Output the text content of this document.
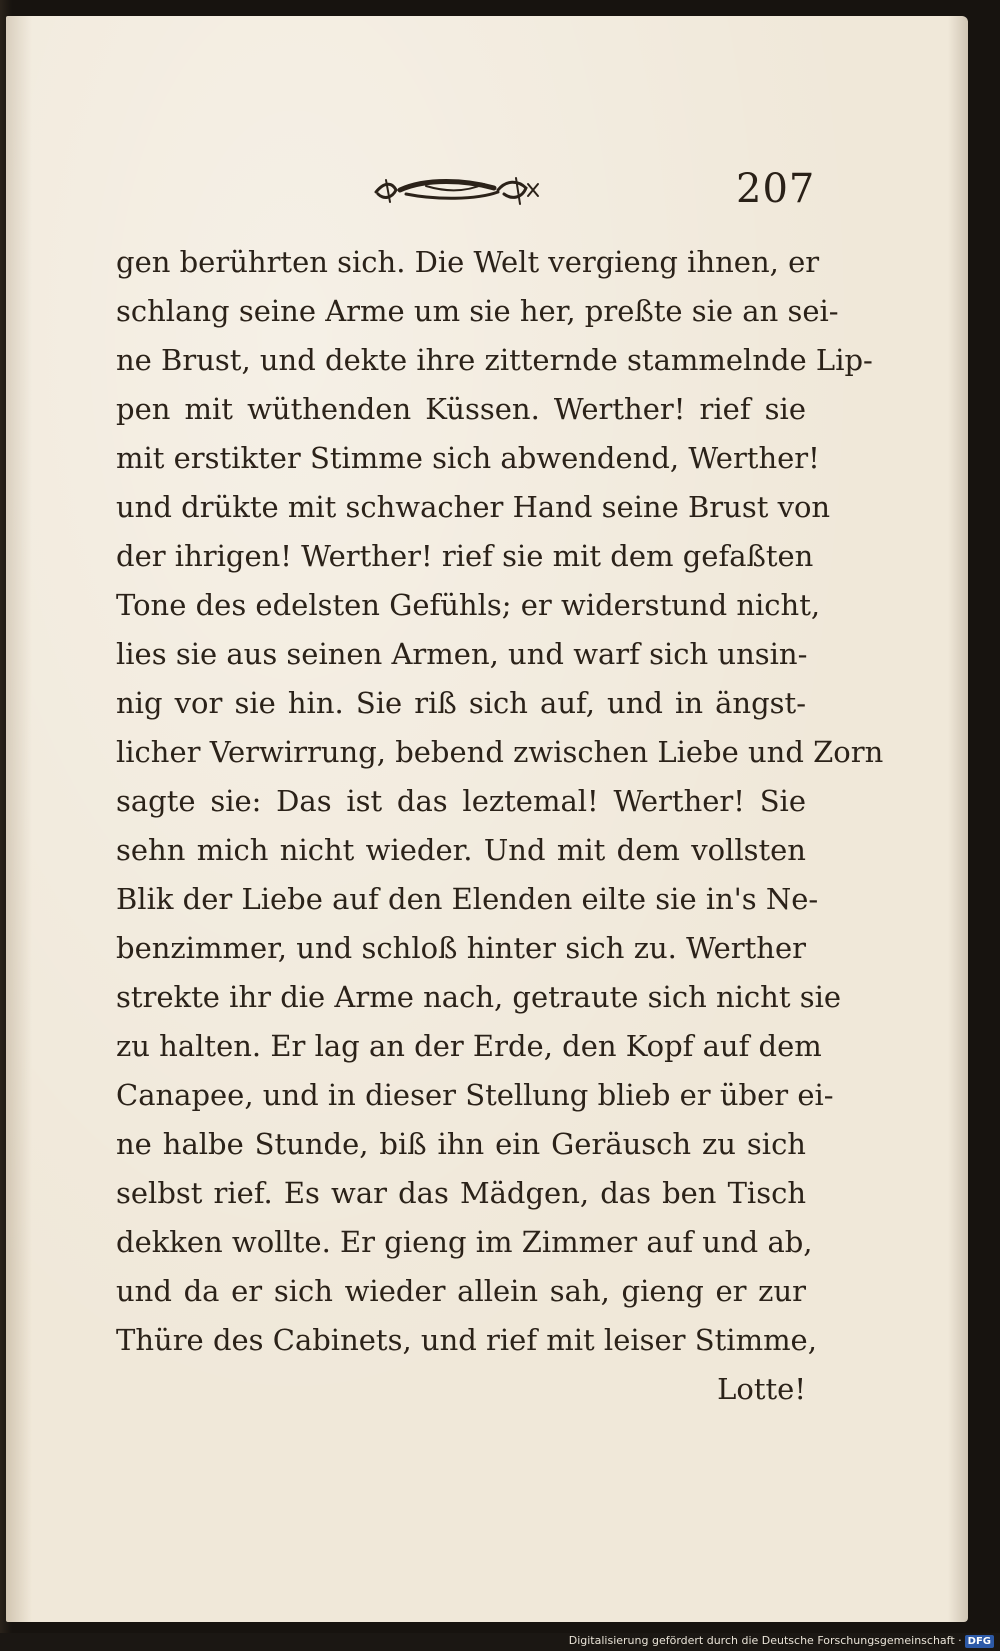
207
gen berührten sich. Die Welt vergieng ihnen, er
schlang seine Arme um sie her, preßte sie an sei-
ne Brust, und dekte ihre zitternde stammelnde Lip-
pen mit wüthenden Küssen. Werther! rief sie
mit erstikter Stimme sich abwendend, Werther!
und drükte mit schwacher Hand seine Brust von
der ihrigen! Werther! rief sie mit dem gefaßten
Tone des edelsten Gefühls; er widerstund nicht,
lies sie aus seinen Armen, und warf sich unsin-
nig vor sie hin. Sie riß sich auf, und in ängst-
licher Verwirrung, bebend zwischen Liebe und Zorn
sagte sie: Das ist das leztemal! Werther! Sie
sehn mich nicht wieder. Und mit dem vollsten
Blik der Liebe auf den Elenden eilte sie in's Ne-
benzimmer, und schloß hinter sich zu. Werther
strekte ihr die Arme nach, getraute sich nicht sie
zu halten. Er lag an der Erde, den Kopf auf dem
Canapee, und in dieser Stellung blieb er über ei-
ne halbe Stunde, biß ihn ein Geräusch zu sich
selbst rief. Es war das Mädgen, das ben Tisch
dekken wollte. Er gieng im Zimmer auf und ab,
und da er sich wieder allein sah, gieng er zur
Thüre des Cabinets, und rief mit leiser Stimme,
Lotte!
Digitalisierung gefördert durch die Deutsche Forschungsgemeinschaft · DFG
